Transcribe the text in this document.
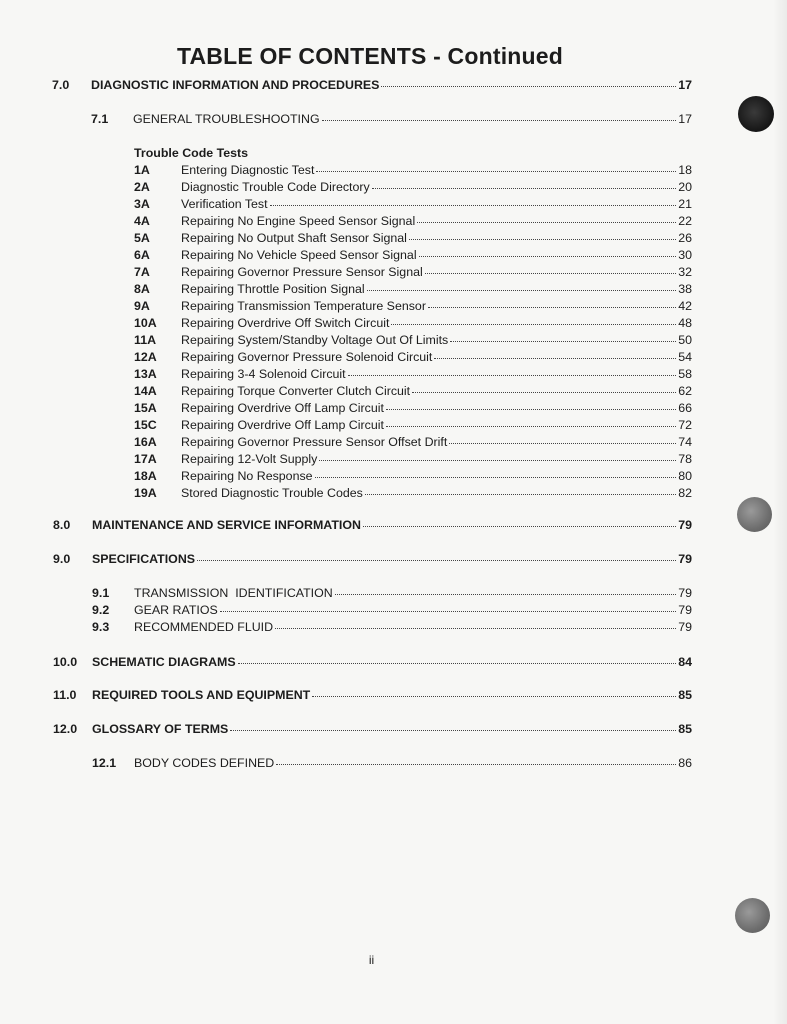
TABLE OF CONTENTS - Continued
7.0	DIAGNOSTIC INFORMATION AND PROCEDURES	17
7.1	GENERAL TROUBLESHOOTING	17
Trouble Code Tests
1A	Entering Diagnostic Test	18
2A	Diagnostic Trouble Code Directory	20
3A	Verification Test	21
4A	Repairing No Engine Speed Sensor Signal	22
5A	Repairing No Output Shaft Sensor Signal	26
6A	Repairing No Vehicle Speed Sensor Signal	30
7A	Repairing Governor Pressure Sensor Signal	32
8A	Repairing Throttle Position Signal	38
9A	Repairing Transmission Temperature Sensor	42
10A	Repairing Overdrive Off Switch Circuit	48
11A	Repairing System/Standby Voltage Out Of Limits	50
12A	Repairing Governor Pressure Solenoid Circuit	54
13A	Repairing 3-4 Solenoid Circuit	58
14A	Repairing Torque Converter Clutch Circuit	62
15A	Repairing Overdrive Off Lamp Circuit	66
15C	Repairing Overdrive Off Lamp Circuit	72
16A	Repairing Governor Pressure Sensor Offset Drift	74
17A	Repairing 12-Volt Supply	78
18A	Repairing No Response	80
19A	Stored Diagnostic Trouble Codes	82
8.0	MAINTENANCE AND SERVICE INFORMATION	79
9.0	SPECIFICATIONS	79
9.1	TRANSMISSION  IDENTIFICATION	79
9.2	GEAR RATIOS	79
9.3	RECOMMENDED FLUID	79
10.0	SCHEMATIC DIAGRAMS	84
11.0	REQUIRED TOOLS AND EQUIPMENT	85
12.0	GLOSSARY OF TERMS	85
12.1	BODY CODES DEFINED	86
ii
